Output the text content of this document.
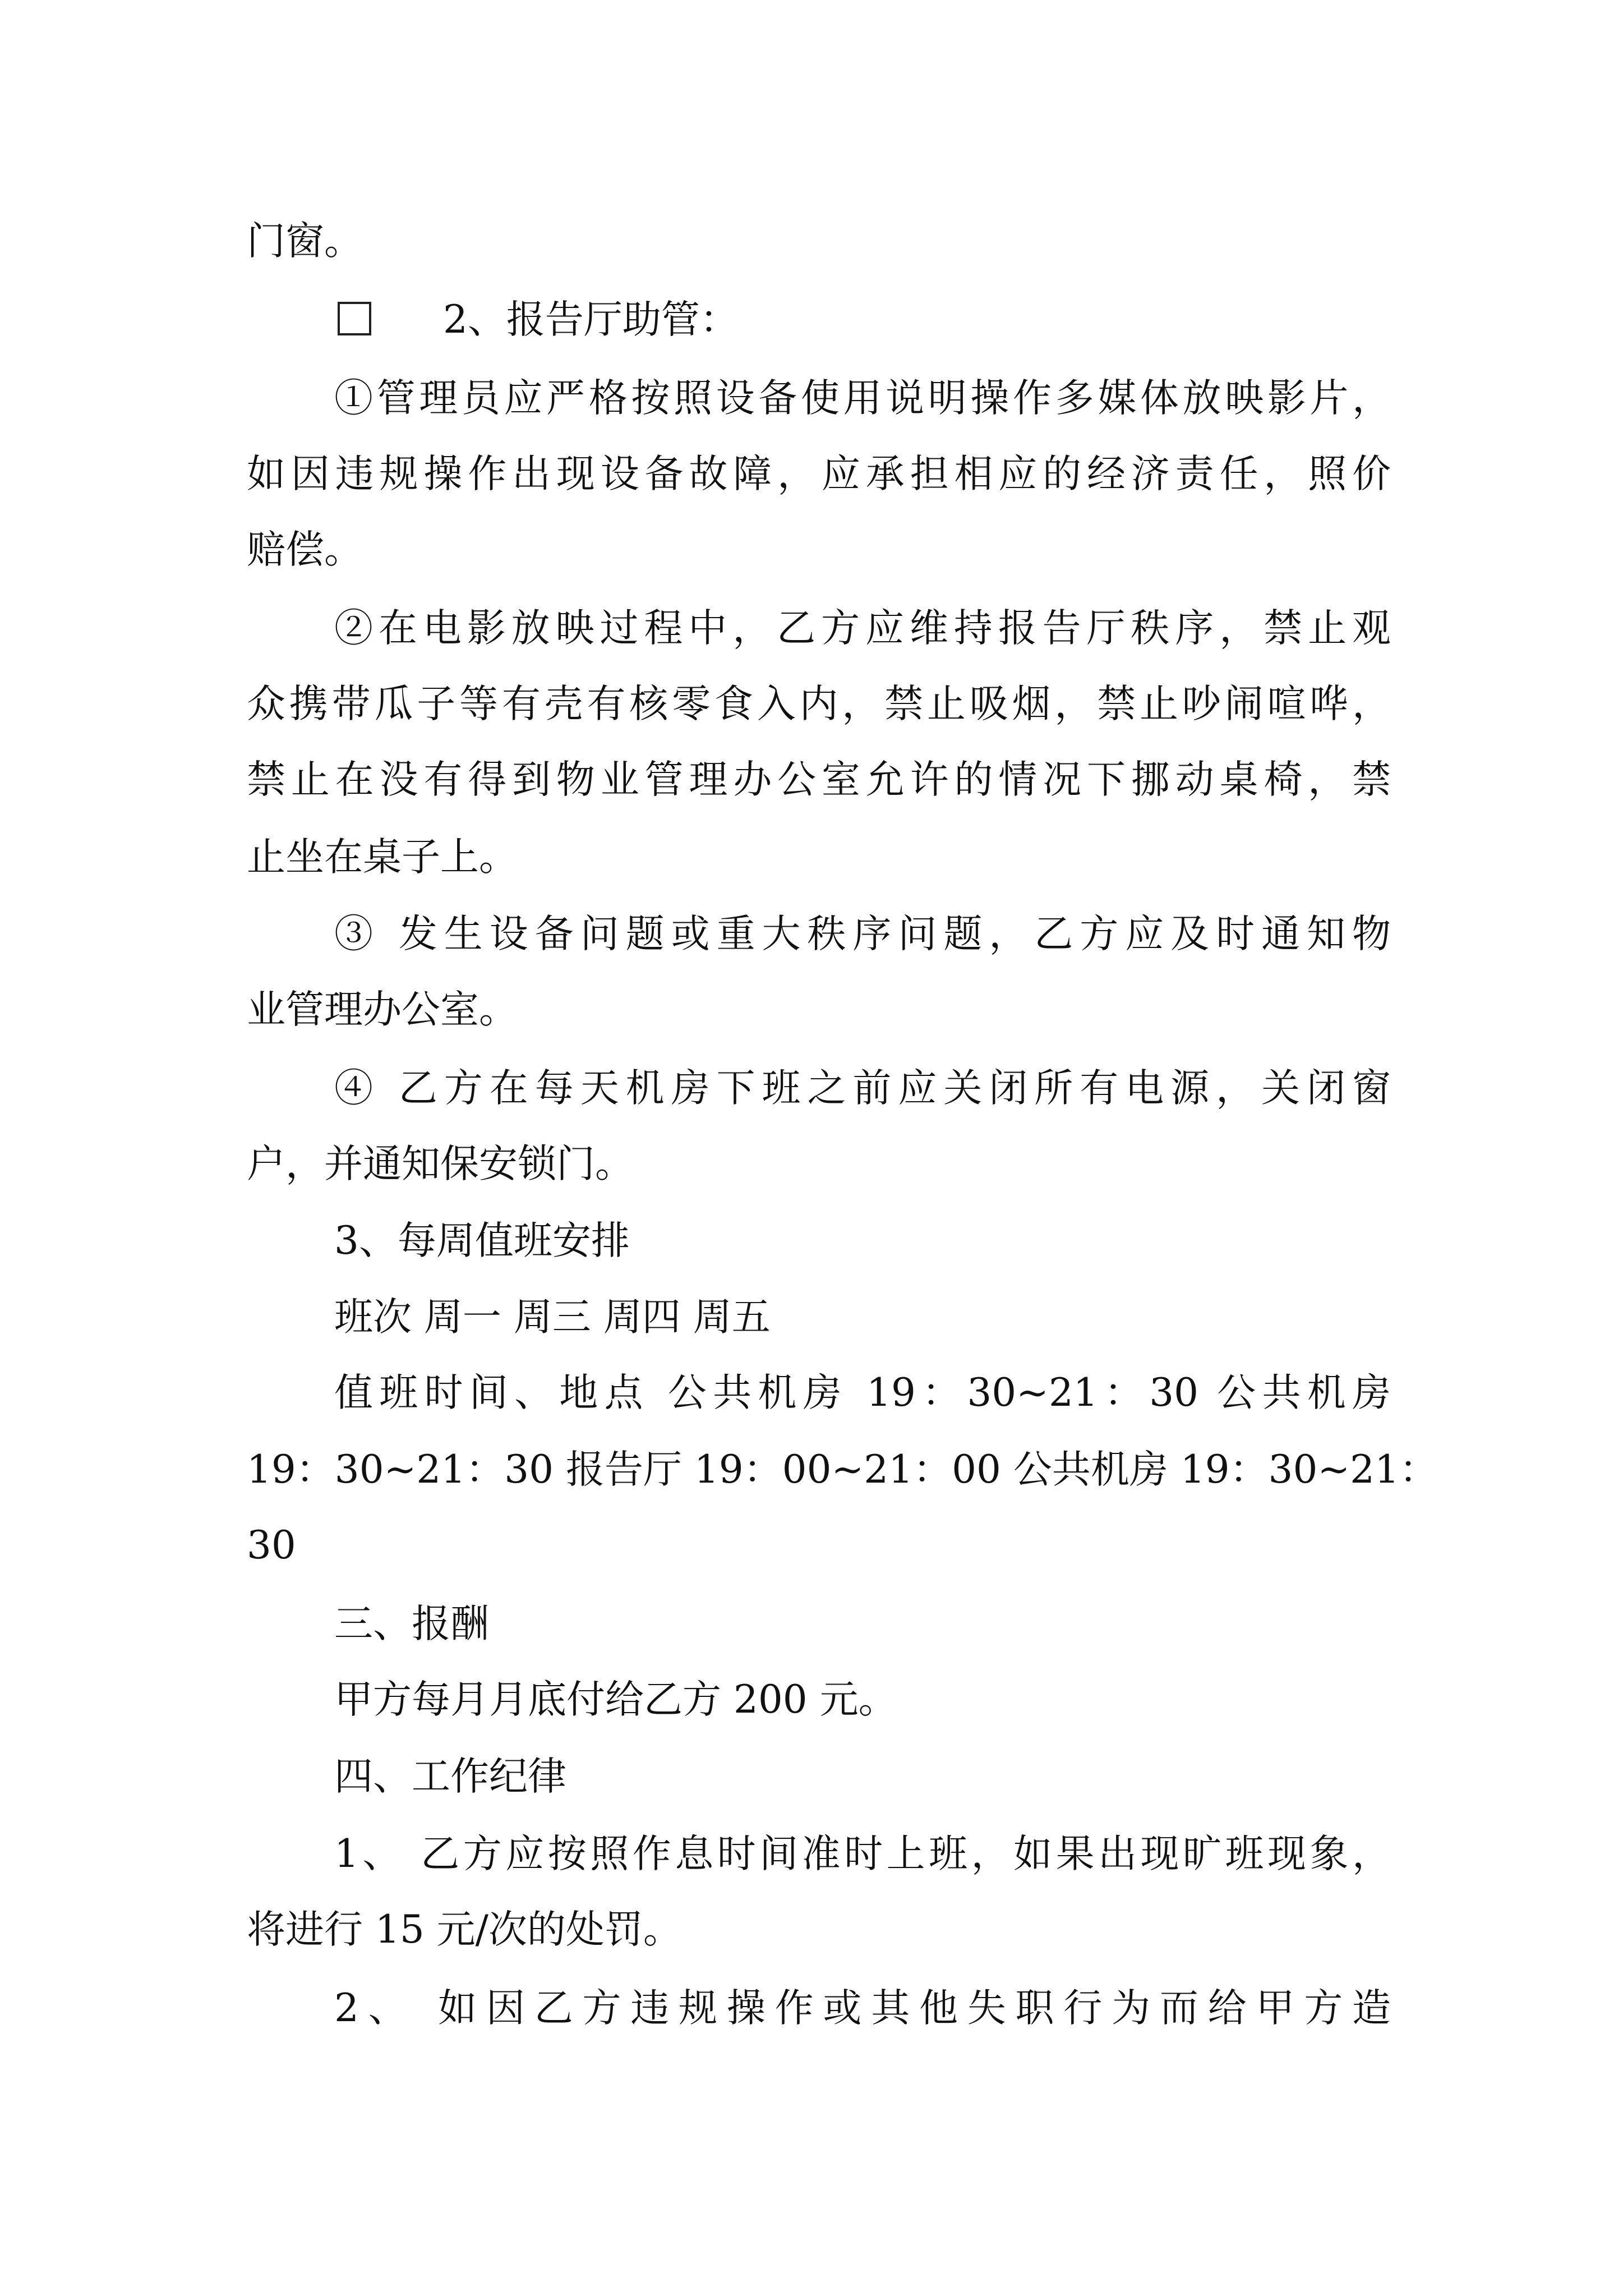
门窗。

2、报告厅助管：

①管理员应严格按照设备使用说明操作多媒体放映影片，

如因违规操作出现设备故障，应承担相应的经济责任，照价

赔偿。

②在电影放映过程中，乙方应维持报告厅秩序，禁止观

众携带瓜子等有壳有核零食入内，禁止吸烟，禁止吵闹喧哗，

禁止在没有得到物业管理办公室允许的情况下挪动桌椅，禁

止坐在桌子上。

③ 发生设备问题或重大秩序问题，乙方应及时通知物

业管理办公室。

④ 乙方在每天机房下班之前应关闭所有电源，关闭窗

户，并通知保安锁门。

3、每周值班安排

班次 周一 周三 周四 周五

值班时间、地点 公共机房 19：30~21：30 公共机房

19：30~21：30 报告厅 19：00~21：00 公共机房 19：30~21：

30

三、报酬

甲方每月月底付给乙方 200 元。

四、工作纪律

1、 乙方应按照作息时间准时上班，如果出现旷班现象，

将进行 15 元/次的处罚。

2、 如因乙方违规操作或其他失职行为而给甲方造
